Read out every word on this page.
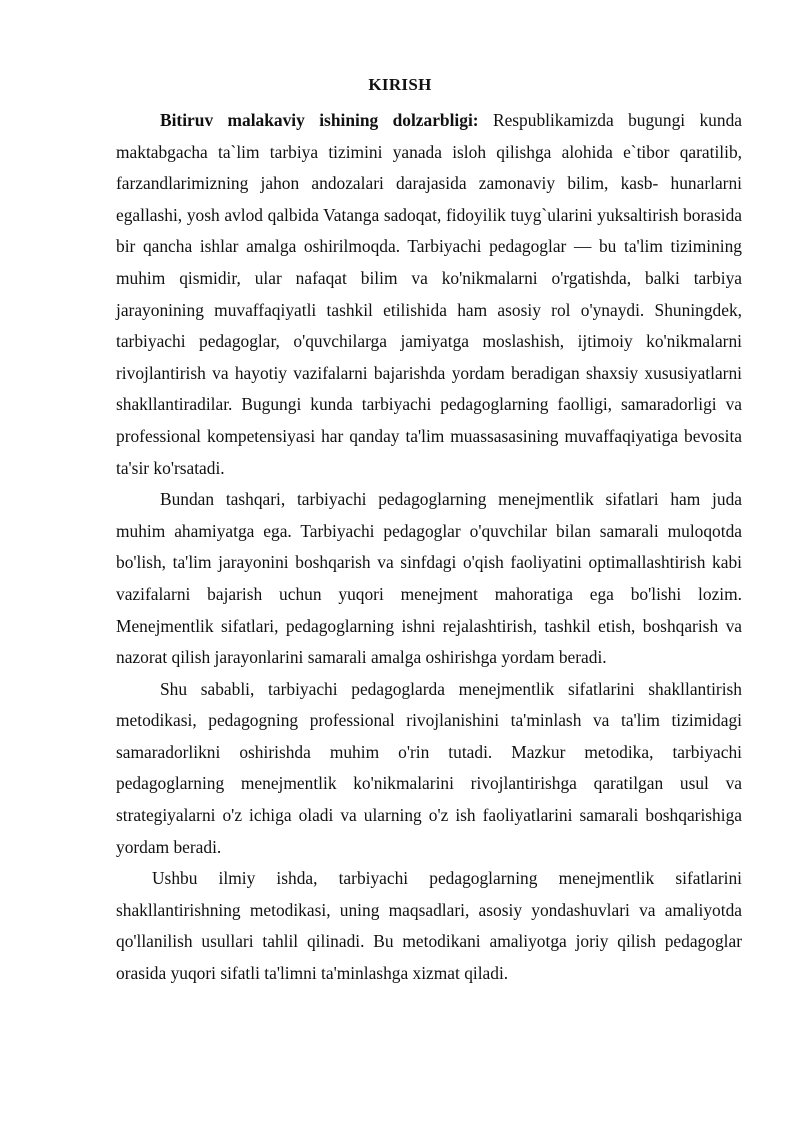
KIRISH

Bitiruv malakaviy ishining dolzarbligi: Respublikamizda bugungi kunda maktabgacha ta`lim tarbiya tizimini yanada isloh qilishga alohida e`tibor qaratilib, farzandlarimizning jahon andozalari darajasida zamonaviy bilim, kasb- hunarlarni egallashi, yosh avlod qalbida Vatanga sadoqat, fidoyilik tuyg`ularini yuksaltirish borasida bir qancha ishlar amalga oshirilmoqda. Tarbiyachi pedagoglar — bu ta'lim tizimining muhim qismidir, ular nafaqat bilim va ko'nikmalarni o'rgatishda, balki tarbiya jarayonining muvaffaqiyatli tashkil etilishida ham asosiy rol o'ynaydi. Shuningdek, tarbiyachi pedagoglar, o'quvchilarga jamiyatga moslashish, ijtimoiy ko'nikmalarni rivojlantirish va hayotiy vazifalarni bajarishda yordam beradigan shaxsiy xususiyatlarni shakllantiradilar. Bugungi kunda tarbiyachi pedagoglarning faolligi, samaradorligi va professional kompetensiyasi har qanday ta'lim muassasasining muvaffaqiyatiga bevosita ta'sir ko'rsatadi.

Bundan tashqari, tarbiyachi pedagoglarning menejmentlik sifatlari ham juda muhim ahamiyatga ega. Tarbiyachi pedagoglar o'quvchilar bilan samarali muloqotda bo'lish, ta'lim jarayonini boshqarish va sinfdagi o'qish faoliyatini optimallashtirish kabi vazifalarni bajarish uchun yuqori menejment mahoratiga ega bo'lishi lozim. Menejmentlik sifatlari, pedagoglarning ishni rejalashtirish, tashkil etish, boshqarish va nazorat qilish jarayonlarini samarali amalga oshirishga yordam beradi.

Shu sababli, tarbiyachi pedagoglarda menejmentlik sifatlarini shakllantirish metodikasi, pedagogning professional rivojlanishini ta'minlash va ta'lim tizimidagi samaradorlikni oshirishda muhim o'rin tutadi. Mazkur metodika, tarbiyachi pedagoglarning menejmentlik ko'nikmalarini rivojlantirishga qaratilgan usul va strategiyalarni o'z ichiga oladi va ularning o'z ish faoliyatlarini samarali boshqarishiga yordam beradi.

Ushbu ilmiy ishda, tarbiyachi pedagoglarning menejmentlik sifatlarini shakllantirishning metodikasi, uning maqsadlari, asosiy yondashuvlari va amaliyotda qo'llanilish usullari tahlil qilinadi. Bu metodikani amaliyotga joriy qilish pedagoglar orasida yuqori sifatli ta'limni ta'minlashga xizmat qiladi.
